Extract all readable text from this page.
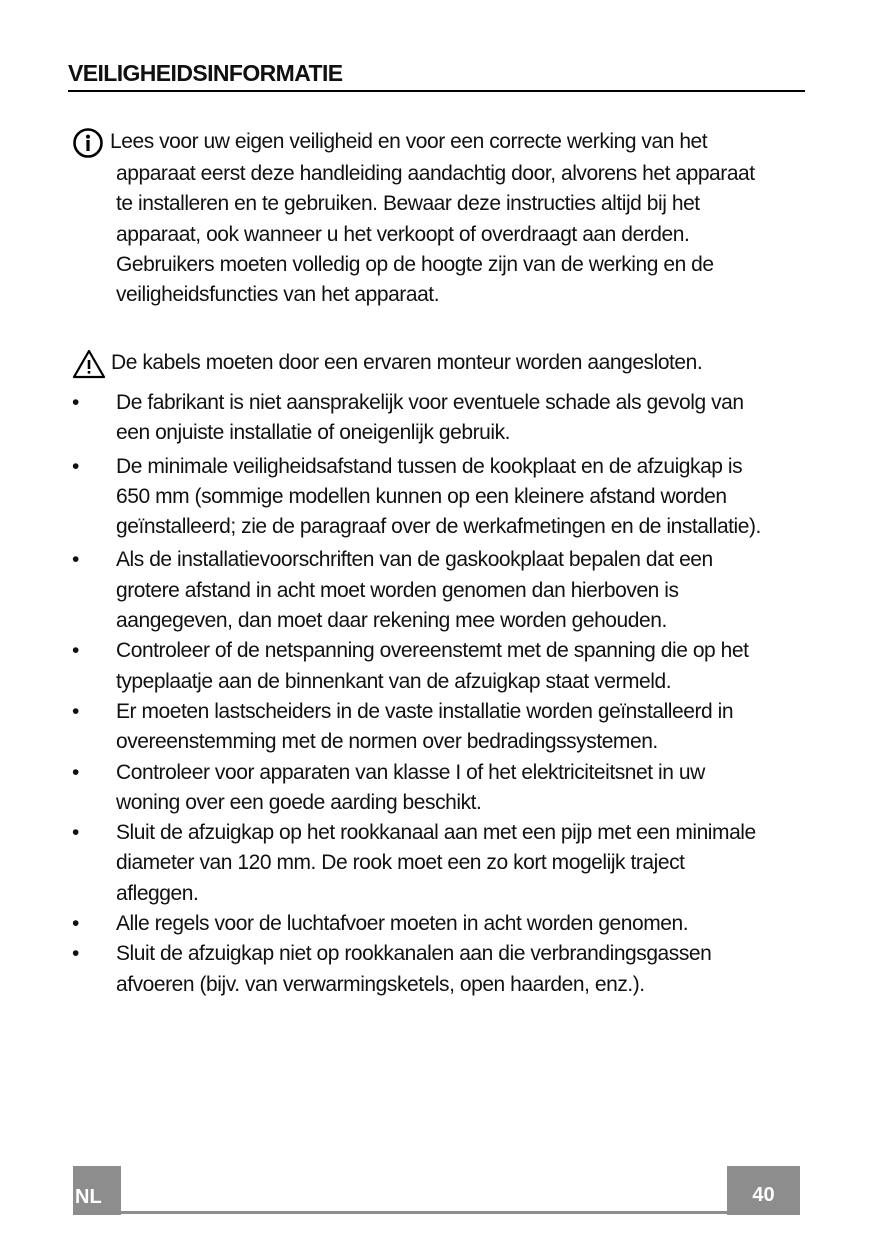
VEILIGHEIDSINFORMATIE
Lees voor uw eigen veiligheid en voor een correcte werking van het
apparaat eerst deze handleiding aandachtig door, alvorens het apparaat
te installeren en te gebruiken. Bewaar deze instructies altijd bij het
apparaat, ook wanneer u het verkoopt of overdraagt aan derden.
Gebruikers moeten volledig op de hoogte zijn van de werking en de
veiligheidsfuncties van het apparaat.
De kabels moeten door een ervaren monteur worden aangesloten.
•	De fabrikant is niet aansprakelijk voor eventuele schade als gevolg van
een onjuiste installatie of oneigenlijk gebruik.
•	De minimale veiligheidsafstand tussen de kookplaat en de afzuigkap is
650 mm (sommige modellen kunnen op een kleinere afstand worden
geïnstalleerd; zie de paragraaf over de werkafmetingen en de installatie).
•	Als de installatievoorschriften van de gaskookplaat bepalen dat een
grotere afstand in acht moet worden genomen dan hierboven is
aangegeven, dan moet daar rekening mee worden gehouden.
•	Controleer of de netspanning overeenstemt met de spanning die op het
typeplaatje aan de binnenkant van de afzuigkap staat vermeld.
•	Er moeten lastscheiders in de vaste installatie worden geïnstalleerd in
overeenstemming met de normen over bedradingssystemen.
•	Controleer voor apparaten van klasse I of het elektriciteitsnet in uw
woning over een goede aarding beschikt.
•	Sluit de afzuigkap op het rookkanaal aan met een pijp met een minimale
diameter van 120 mm. De rook moet een zo kort mogelijk traject
afleggen.
•	Alle regels voor de luchtafvoer moeten in acht worden genomen.
•	Sluit de afzuigkap niet op rookkanalen aan die verbrandingsgassen
afvoeren (bijv. van verwarmingsketels, open haarden, enz.).
NL	40
